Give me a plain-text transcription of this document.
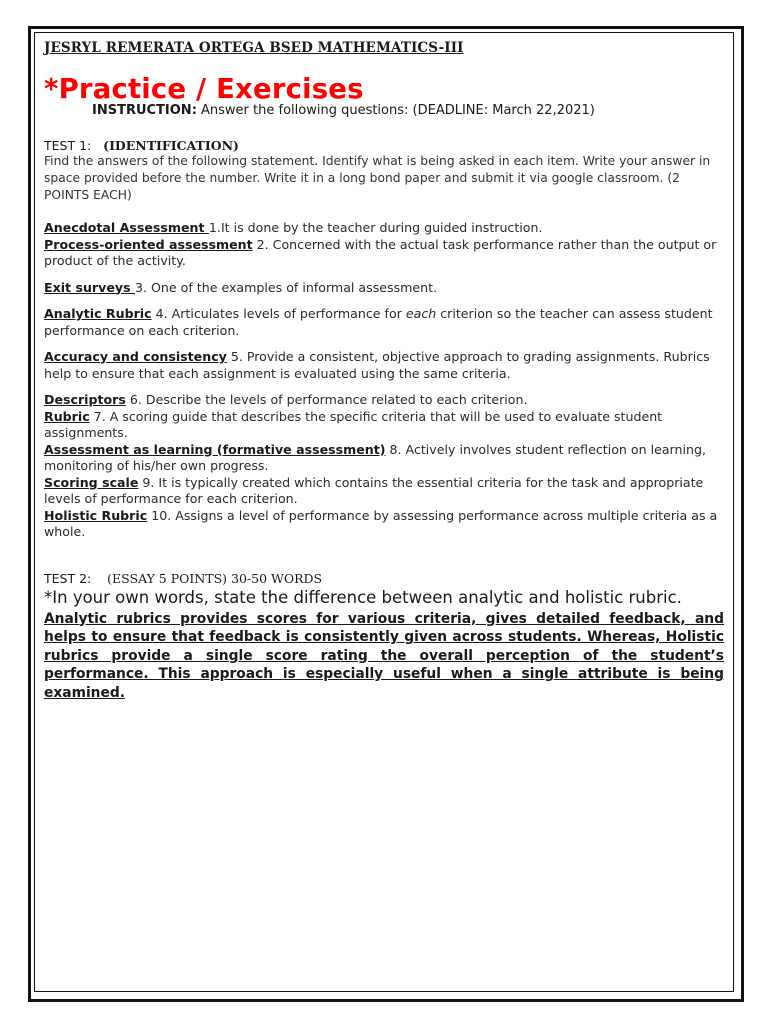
JESRYL REMERATA ORTEGA BSED MATHEMATICS-III
*Practice / Exercises
INSTRUCTION: Answer the following questions: (DEADLINE: March 22,2021)
TEST 1: (IDENTIFICATION)
Find the answers of the following statement. Identify what is being asked in each item. Write your answer in space provided before the number. Write it in a long bond paper and submit it via google classroom. (2 POINTS EACH)
Anecdotal Assessment 1.It is done by the teacher during guided instruction.
Process-oriented assessment 2. Concerned with the actual task performance rather than the output or product of the activity.
Exit surveys 3. One of the examples of informal assessment.
Analytic Rubric 4. Articulates levels of performance for each criterion so the teacher can assess student performance on each criterion.
Accuracy and consistency 5. Provide a consistent, objective approach to grading assignments. Rubrics help to ensure that each assignment is evaluated using the same criteria.
Descriptors 6. Describe the levels of performance related to each criterion.
Rubric 7. A scoring guide that describes the specific criteria that will be used to evaluate student assignments.
Assessment as learning (formative assessment) 8. Actively involves student reflection on learning, monitoring of his/her own progress.
Scoring scale 9. It is typically created which contains the essential criteria for the task and appropriate levels of performance for each criterion.
Holistic Rubric 10. Assigns a level of performance by assessing performance across multiple criteria as a whole.
TEST 2: (ESSAY 5 POINTS) 30-50 WORDS
*In your own words, state the difference between analytic and holistic rubric.
Analytic rubrics provides scores for various criteria, gives detailed feedback, and helps to ensure that feedback is consistently given across students. Whereas, Holistic rubrics provide a single score rating the overall perception of the student’s performance. This approach is especially useful when a single attribute is being examined.
